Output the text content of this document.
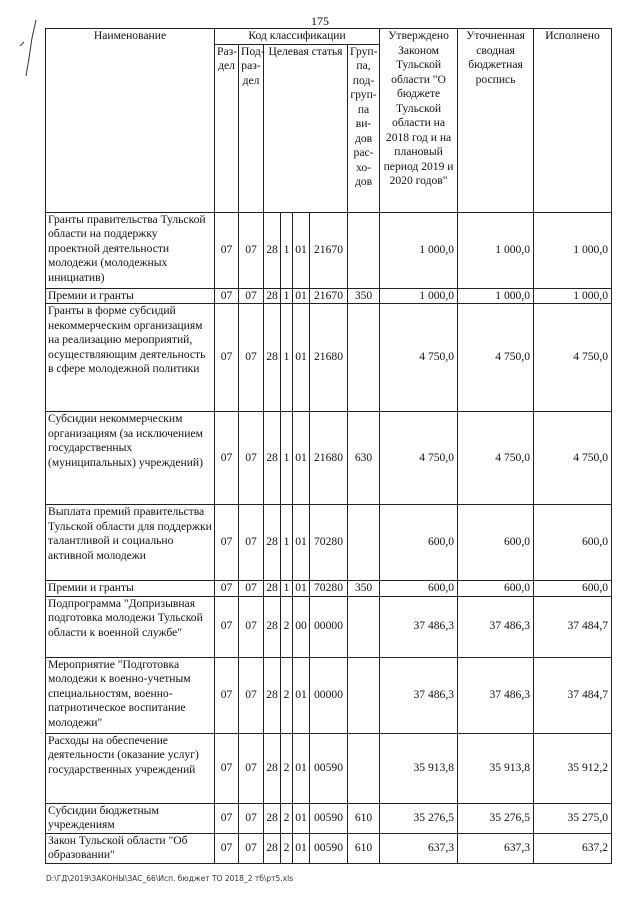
175
Наименование	Код классификации							Утверждено Законом Тульской области "О бюджете Тульской области на 2018 год и на плановый период 2019 и 2020 годов"	Уточненная сводная бюджетная роспись	Исполнено
	Раз-дел	Под-раз-дел	Целевая статья				Груп-па, под-груп-па ви-дов рас-хо-дов			
Гранты правительства Тульской области на поддержку проектной деятельности молодежи (молодежных инициатив)	07	07	28	1	01	21670		1 000,0	1 000,0	1 000,0
Премии и гранты	07	07	28	1	01	21670	350	1 000,0	1 000,0	1 000,0
Гранты в форме субсидий некоммерческим организациям на реализацию мероприятий, осуществляющим деятельность в сфере молодежной политики	07	07	28	1	01	21680		4 750,0	4 750,0	4 750,0
Субсидии некоммерческим организациям (за исключением государственных (муниципальных) учреждений)	07	07	28	1	01	21680	630	4 750,0	4 750,0	4 750,0
Выплата премий правительства Тульской области для поддержки талантливой и социально активной молодежи	07	07	28	1	01	70280		600,0	600,0	600,0
Премии и гранты	07	07	28	1	01	70280	350	600,0	600,0	600,0
Подпрограмма "Допризывная подготовка молодежи Тульской области к военной службе"	07	07	28	2	00	00000		37 486,3	37 486,3	37 484,7
Мероприятие "Подготовка молодежи к военно-учетным специальностям, военно-патриотическое воспитание молодежи"	07	07	28	2	01	00000		37 486,3	37 486,3	37 484,7
Расходы на обеспечение деятельности (оказание услуг) государственных учреждений	07	07	28	2	01	00590		35 913,8	35 913,8	35 912,2
Субсидии бюджетным учреждениям	07	07	28	2	01	00590	610	35 276,5	35 276,5	35 275,0
Закон Тульской области "Об образовании"	07	07	28	2	01	00590	610	637,3	637,3	637,2
D:\ГД\2019\ЗАКОНЫ\ЗАС_66\Исп. бюджет ТО 2018_2 тб\рт5.xls
